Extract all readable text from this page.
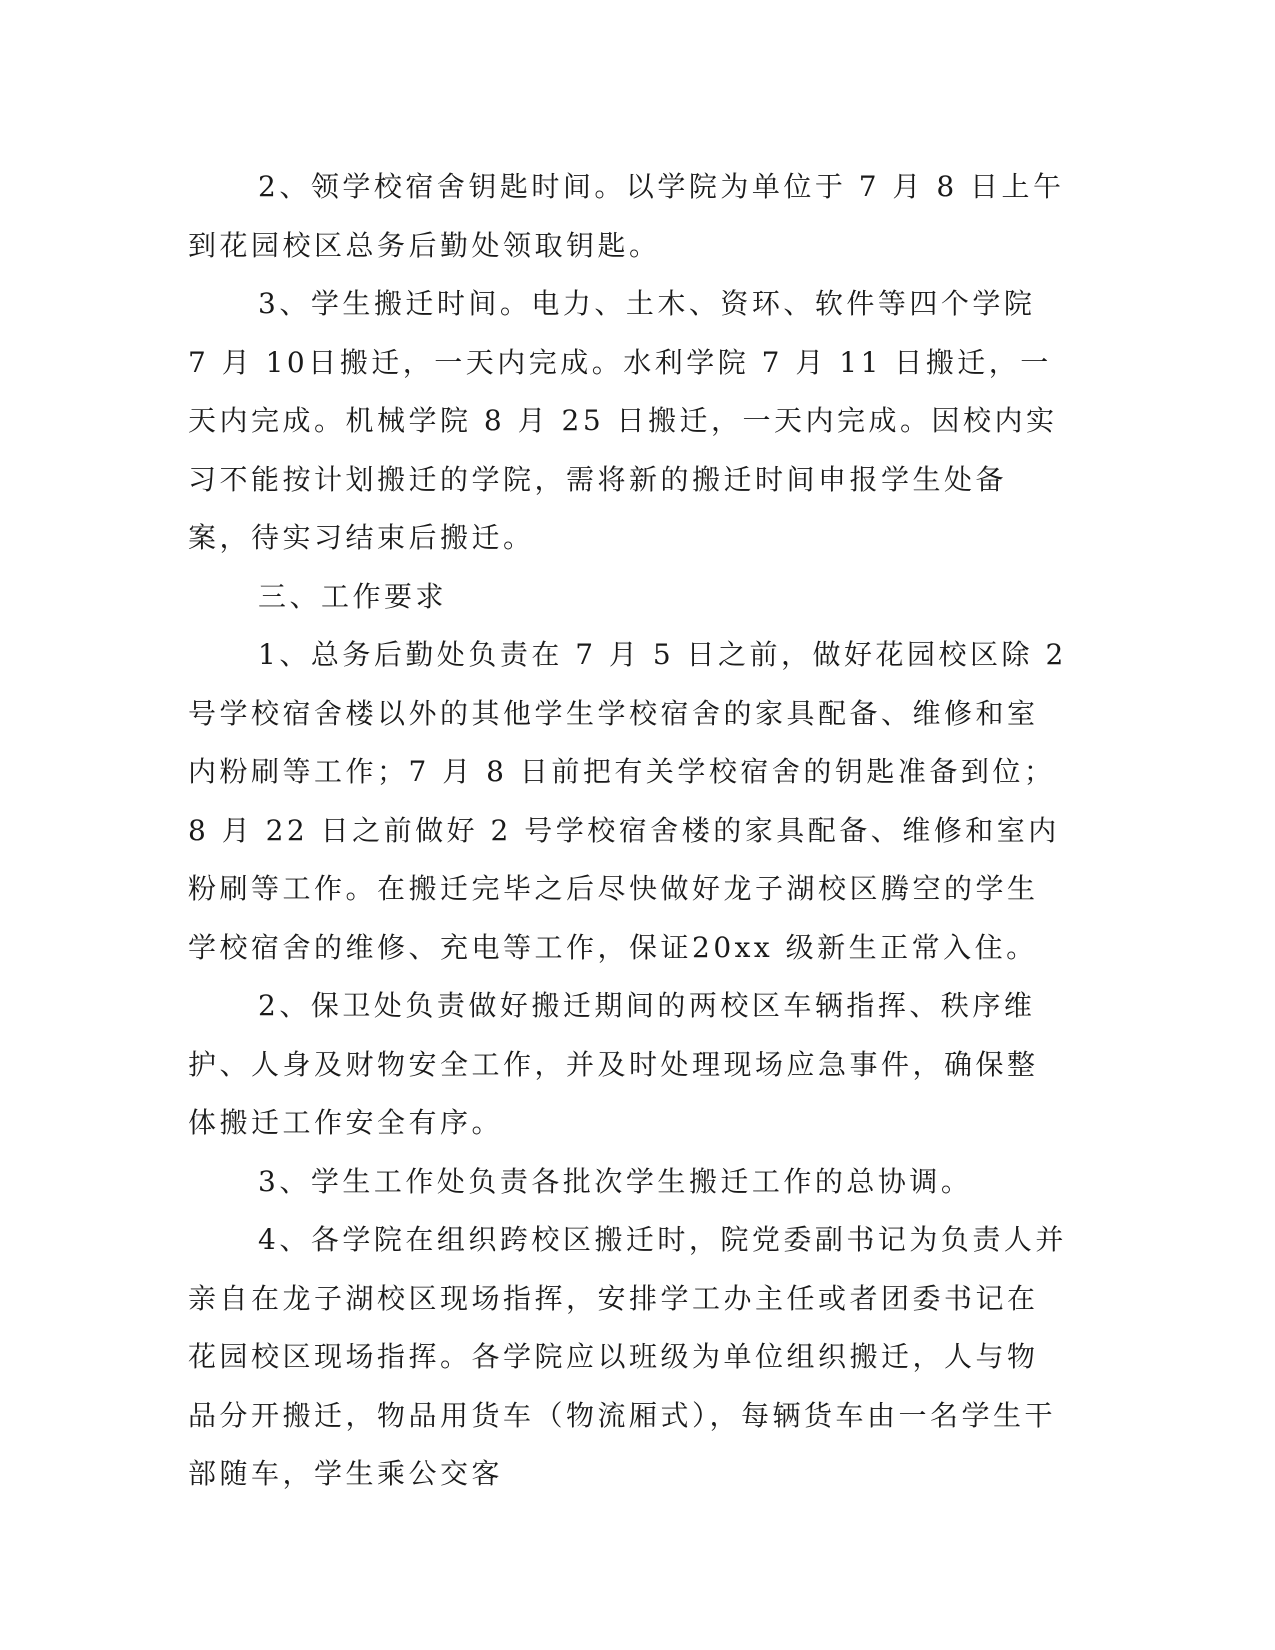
2、领学校宿舍钥匙时间。以学院为单位于 7 月 8 日上午到花园校区总务后勤处领取钥匙。

3、学生搬迁时间。电力、土木、资环、软件等四个学院 7 月 10日搬迁，一天内完成。水利学院 7 月 11 日搬迁，一天内完成。机械学院 8 月 25 日搬迁，一天内完成。因校内实习不能按计划搬迁的学院，需将新的搬迁时间申报学生处备案，待实习结束后搬迁。

三、工作要求

1、总务后勤处负责在 7 月 5 日之前，做好花园校区除 2 号学校宿舍楼以外的其他学生学校宿舍的家具配备、维修和室内粉刷等工作；7 月 8 日前把有关学校宿舍的钥匙准备到位；8 月 22 日之前做好 2 号学校宿舍楼的家具配备、维修和室内粉刷等工作。在搬迁完毕之后尽快做好龙子湖校区腾空的学生学校宿舍的维修、充电等工作，保证20xx 级新生正常入住。

2、保卫处负责做好搬迁期间的两校区车辆指挥、秩序维护、人身及财物安全工作，并及时处理现场应急事件，确保整体搬迁工作安全有序。

3、学生工作处负责各批次学生搬迁工作的总协调。

4、各学院在组织跨校区搬迁时，院党委副书记为负责人并亲自在龙子湖校区现场指挥，安排学工办主任或者团委书记在花园校区现场指挥。各学院应以班级为单位组织搬迁，人与物品分开搬迁，物品用货车（物流厢式），每辆货车由一名学生干部随车，学生乘公交客
